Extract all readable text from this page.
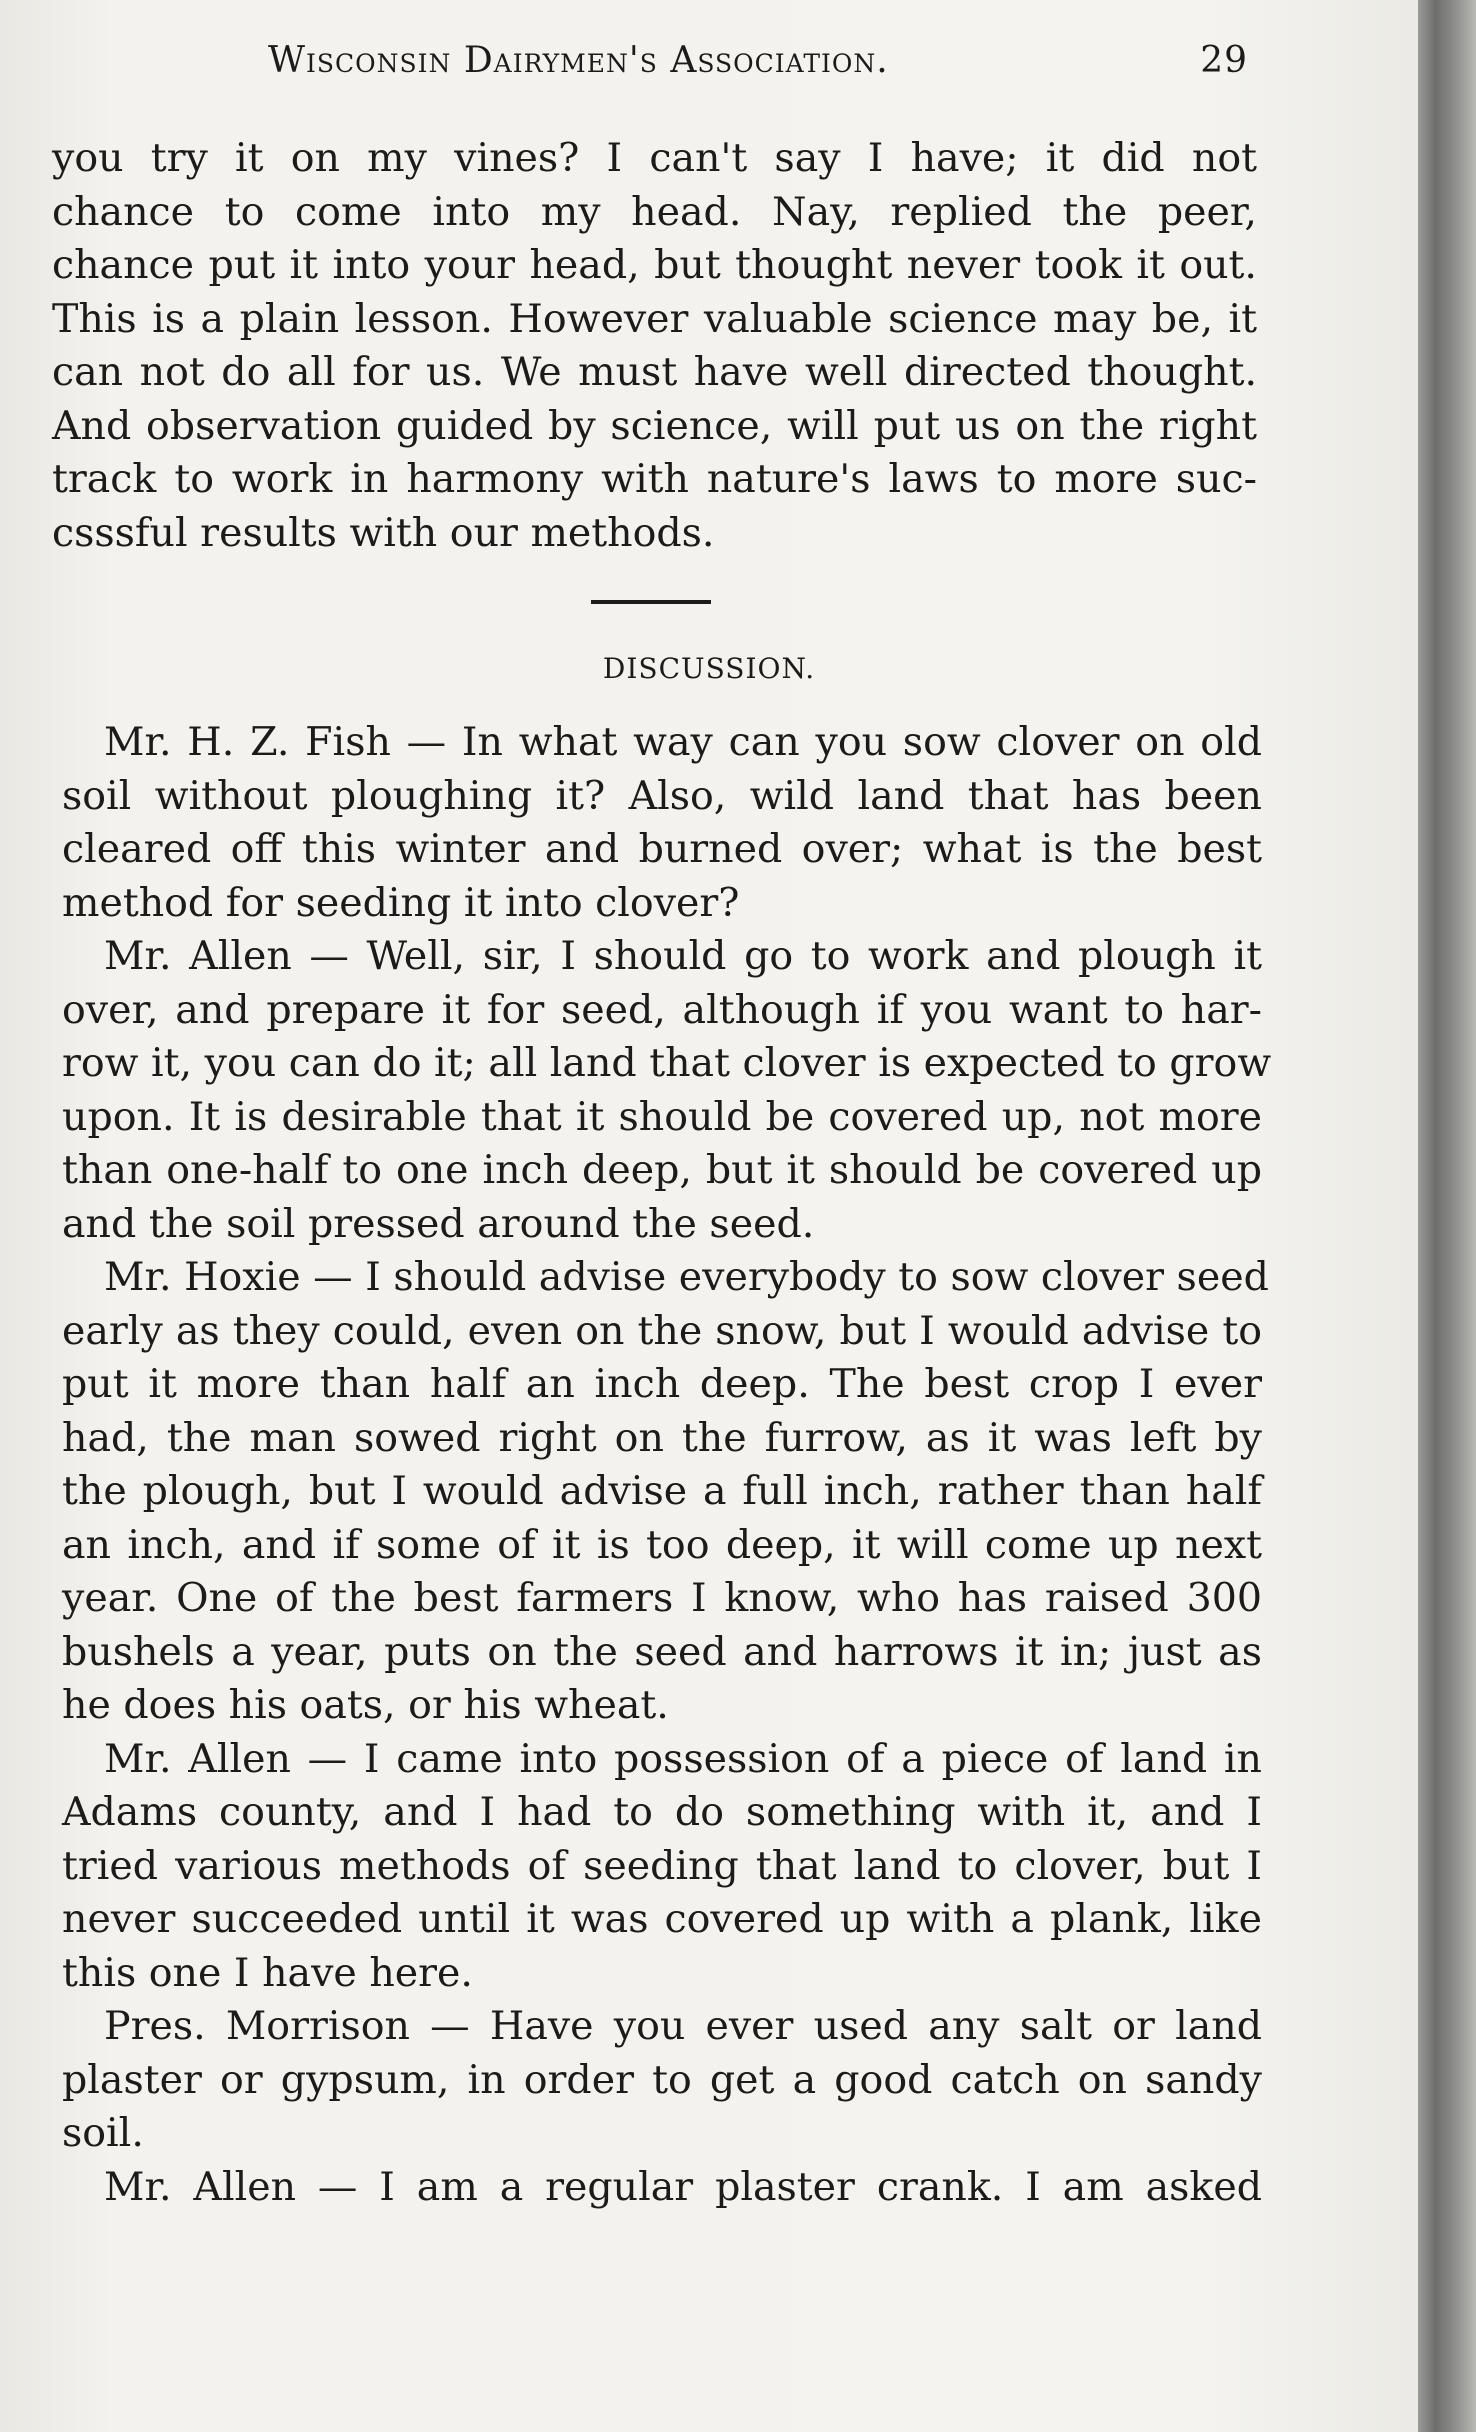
Wisconsin Dairymen's Association.	29

you try it on my vines? I can't say I have; it did not
chance to come into my head. Nay, replied the peer,
chance put it into your head, but thought never took it out.
This is a plain lesson. However valuable science may be, it
can not do all for us. We must have well directed thought.
And observation guided by science, will put us on the right
track to work in harmony with nature's laws to more suc-
csssful results with our methods.

DISCUSSION.

Mr. H. Z. Fish — In what way can you sow clover on old
soil without ploughing it? Also, wild land that has been
cleared off this winter and burned over; what is the best
method for seeding it into clover?

Mr. Allen — Well, sir, I should go to work and plough it
over, and prepare it for seed, although if you want to har-
row it, you can do it; all land that clover is expected to grow
upon. It is desirable that it should be covered up, not more
than one-half to one inch deep, but it should be covered up
and the soil pressed around the seed.

Mr. Hoxie — I should advise everybody to sow clover seed
early as they could, even on the snow, but I would advise to
put it more than half an inch deep. The best crop I ever
had, the man sowed right on the furrow, as it was left by
the plough, but I would advise a full inch, rather than half
an inch, and if some of it is too deep, it will come up next
year. One of the best farmers I know, who has raised 300
bushels a year, puts on the seed and harrows it in; just as
he does his oats, or his wheat.

Mr. Allen — I came into possession of a piece of land in
Adams county, and I had to do something with it, and I
tried various methods of seeding that land to clover, but I
never succeeded until it was covered up with a plank, like
this one I have here.

Pres. Morrison — Have you ever used any salt or land
plaster or gypsum, in order to get a good catch on sandy
soil.

Mr. Allen — I am a regular plaster crank. I am asked
